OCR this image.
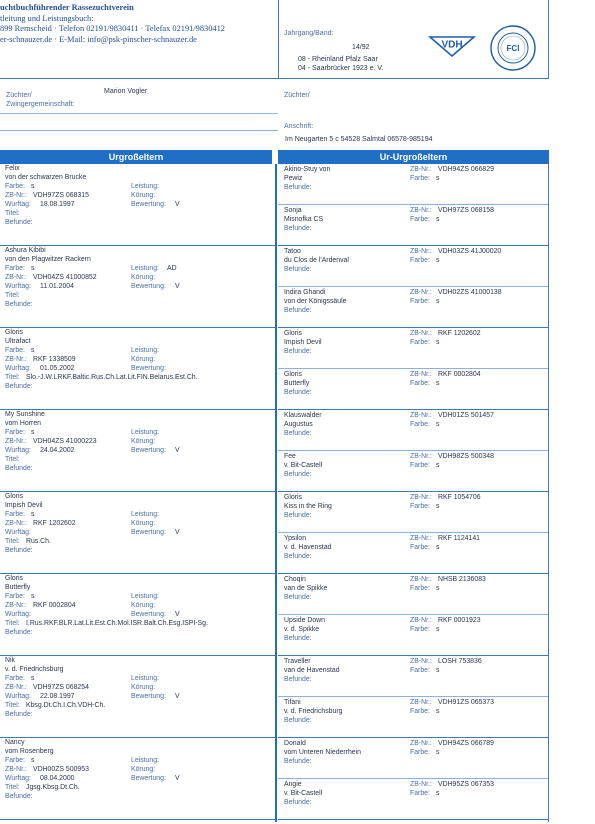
uchtbuchführender Rassezuchtverein
tleitung und Leistungsbuch:
899 Remscheid · Telefon 02191/9830411 · Telefax 02191/9830412
er-schnauzer.de · E-Mail: info@psk-pinscher-schnauzer.de
Jahrgang/Band:
14/92
08 - Rheinland Pfalz Saar
04 - Saarbrücker 1923 e. V.
VDH	FCI
Züchter/
Züchter/
Zwingergemeinschaft:
Marion Vogler
Anschrift:
Im Neugarten 5 c 54528 Salmtal 06578-985194
Urgroßeltern	Ur-Urgroßeltern
Felix
von der schwarzen Brucke
Farbe: s	Leistung:
ZB-Nr.: VDH97ZS 068315	Körung:
Wurftag: 18.08.1997	Bewertung: V
Titel:
Befunde:
Ashura Kibibi
von den Plagwitzer Rackern
Farbe: s	Leistung: AD
ZB-Nr.: VDH04ZS 41000852	Körung:
Wurftag: 11.01.2004	Bewertung: V
Titel:
Befunde:
Gloris
Ultrafact
Farbe: s	Leistung:
ZB-Nr.: RKF 1338509	Körung:
Wurftag: 01.05.2002	Bewertung:
Titel: Slo.-J.W.LRKF.Baltic.Rus.Ch.Lat.Lit.FIN.Belarus.Est.Ch.
Befunde:
My Sunshine
vom Horren
Farbe: s	Leistung:
ZB-Nr.: VDH04ZS 41000223	Körung:
Wurftag: 24.04.2002	Bewertung: V
Titel:
Befunde:
Gloris
Impish Devil
Farbe: s	Leistung:
ZB-Nr.: RKF 1202602	Körung:
Wurftag:	Bewertung: V
Titel: Rus.Ch.
Befunde:
Gloris
Butterfly
Farbe: s	Leistung:
ZB-Nr.: RKF 0002804	Körung:
Wurftag:	Bewertung: V
Titel: I.Rus.RKF.BLR.Lat.Lit.Est.Ch.Mol.ISR.Balt.Ch.Esg.ISPI-Sg.
Befunde:
Nik
v. d. Friedrichsburg
Farbe: s	Leistung:
ZB-Nr.: VDH97ZS 068254	Körung:
Wurftag: 22.08.1997	Bewertung: V
Titel: Kbsg.Dt.Ch.I.Ch.VDH-Ch.
Befunde:
Nancy
vom Rosenberg
Farbe: s	Leistung:
ZB-Nr.: VDH00ZS 500953	Körung:
Wurftag: 08.04.2000	Bewertung: V
Titel: Jgsg.Kbsg.Dt.Ch.
Befunde:
Akino-Stuy von
Pewiz
Befunde:
ZB-Nr.: VDH94ZS 066829
Farbe: s
Sonja
Misnofka CS
Befunde:
ZB-Nr.: VDH97ZS 068158
Farbe: s
Tatoo
du Clos de l'Ardenval
Befunde:
ZB-Nr.: VDH03ZS 41J00020
Farbe: s
Indira Ghandi
von der Königssäule
Befunde:
ZB-Nr.: VDH02ZS 41000138
Farbe: s
Gloris
Impish Devil
Befunde:
ZB-Nr.: RKF 1202602
Farbe: s
Gloris
Butterfly
Befunde:
ZB-Nr.: RKF 0002804
Farbe: s
Klauswalder
Augustus
Befunde:
ZB-Nr.: VDH01ZS 501457
Farbe: s
Fee
v. Bit-Castell
Befunde:
ZB-Nr.: VDH98ZS 500348
Farbe: s
Gloris
Kiss in the Ring
Befunde:
ZB-Nr.: RKF 1054706
Farbe: s
Ypsilon
v. d. Havenstad
Befunde:
ZB-Nr.: RKF 1124141
Farbe: s
Choqin
van de Spikke
Befunde:
ZB-Nr.: NHSB 2136083
Farbe: s
Upside Down
v. d. Spikke
Befunde:
ZB-Nr.: RKF 0001923
Farbe: s
Traveller
van de Havenstad
Befunde:
ZB-Nr.: LOSH 753836
Farbe: s
Tifani
v. d. Friedrichsburg
Befunde:
ZB-Nr.: VDH91ZS 065373
Farbe: s
Donald
vom Unteren Niederrhein
Befunde:
ZB-Nr.: VDH94ZS 066789
Farbe: s
Angie
v. Bit-Castell
Befunde:
ZB-Nr.: VDH95ZS 067353
Farbe: s
